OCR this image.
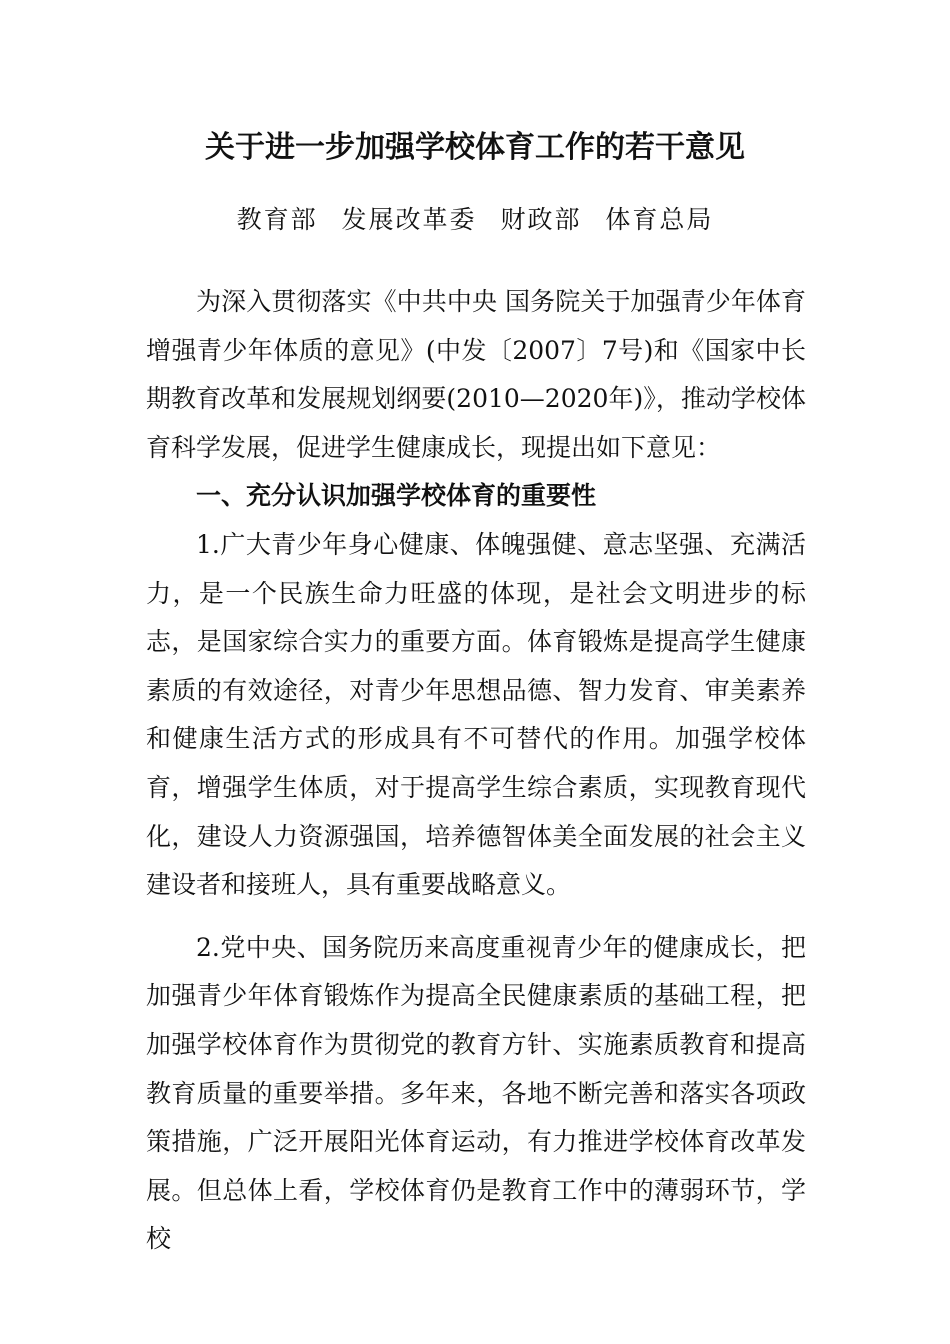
关于进一步加强学校体育工作的若干意见
教育部 发展改革委 财政部 体育总局

为深入贯彻落实《中共中央 国务院关于加强青少年体育增强青少年体质的意见》(中发〔2007〕7号)和《国家中长期教育改革和发展规划纲要(2010—2020年)》，推动学校体育科学发展，促进学生健康成长，现提出如下意见：

一、充分认识加强学校体育的重要性

1.广大青少年身心健康、体魄强健、意志坚强、充满活力，是一个民族生命力旺盛的体现，是社会文明进步的标志，是国家综合实力的重要方面。体育锻炼是提高学生健康素质的有效途径，对青少年思想品德、智力发育、审美素养和健康生活方式的形成具有不可替代的作用。加强学校体育，增强学生体质，对于提高学生综合素质，实现教育现代化，建设人力资源强国，培养德智体美全面发展的社会主义建设者和接班人，具有重要战略意义。

2.党中央、国务院历来高度重视青少年的健康成长，把加强青少年体育锻炼作为提高全民健康素质的基础工程，把加强学校体育作为贯彻党的教育方针、实施素质教育和提高教育质量的重要举措。多年来，各地不断完善和落实各项政策措施，广泛开展阳光体育运动，有力推进学校体育改革发展。但总体上看，学校体育仍是教育工作中的薄弱环节，学校
